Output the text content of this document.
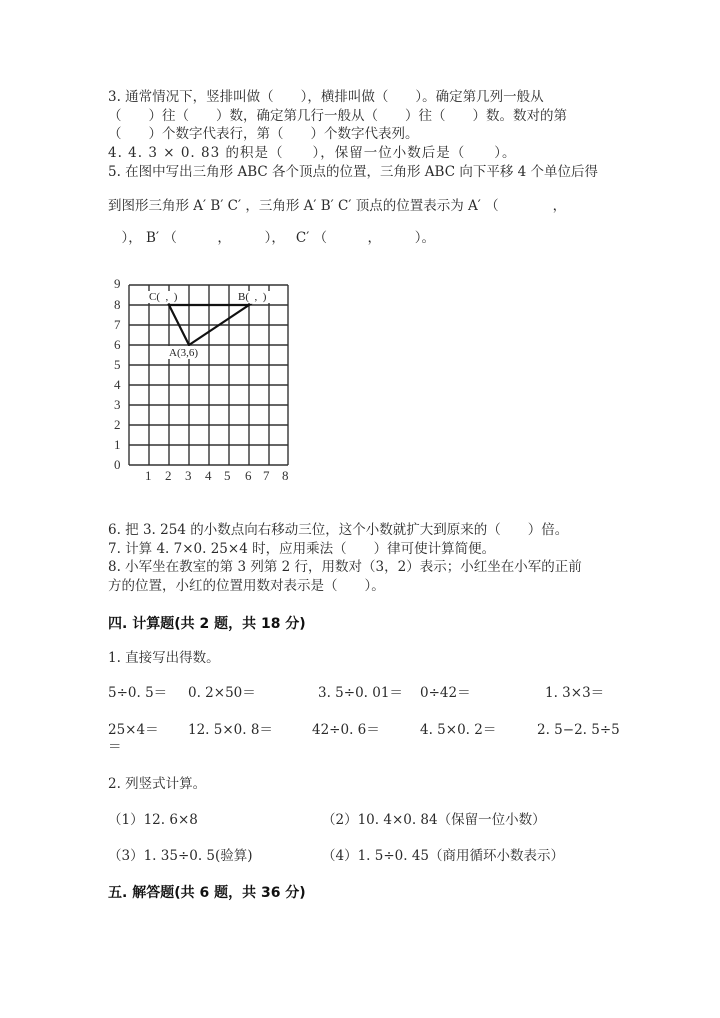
3. 通常情况下，竖排叫做（　　），横排叫做（　　）。确定第几列一般从
（　　）往（　　）数，确定第几行一般从（　　）往（　　）数。数对的第
（　　）个数字代表行，第（　　）个数字代表列。
4. 4. 3 × 0. 83 的积是（　　），保留一位小数后是（　　）。
5. 在图中写出三角形 ABC 各个顶点的位置，三角形 ABC 向下平移 4 个单位后得
到图形三角形 A′ B′ C′ ，三角形 A′ B′ C′ 顶点的位置表示为 A′ （　　　　，
　）， B′ （　　　，　　　），　 C′ （　　　，　　　）。
C(  ,  )	B(  ,  )
A(3,6)
0
1
2
3
4
5
6
7
8
9
1 2 3 4 5 6 7 8
6. 把 3. 254 的小数点向右移动三位，这个小数就扩大到原来的（　　）倍。
7. 计算 4. 7×0. 25×4 时，应用乘法（　　）律可使计算简便。
8. 小军坐在教室的第 3 列第 2 行，用数对（3，2）表示；小红坐在小军的正前
方的位置，小红的位置用数对表示是（　　）。
四. 计算题(共 2 题，共 18 分)
1. 直接写出得数。
5÷0. 5＝ 0. 2×50＝	3. 5÷0. 01＝ 0÷42＝	1. 3×3＝
25×4＝ 12. 5×0. 8＝	42÷0. 6＝	4. 5×0. 2＝	2. 5−2. 5÷5
＝
2. 列竖式计算。
（1）12. 6×8	（2）10. 4×0. 84（保留一位小数）
（3）1. 35÷0. 5(验算)	（4）1. 5÷0. 45（商用循环小数表示）
五. 解答题(共 6 题，共 36 分)
